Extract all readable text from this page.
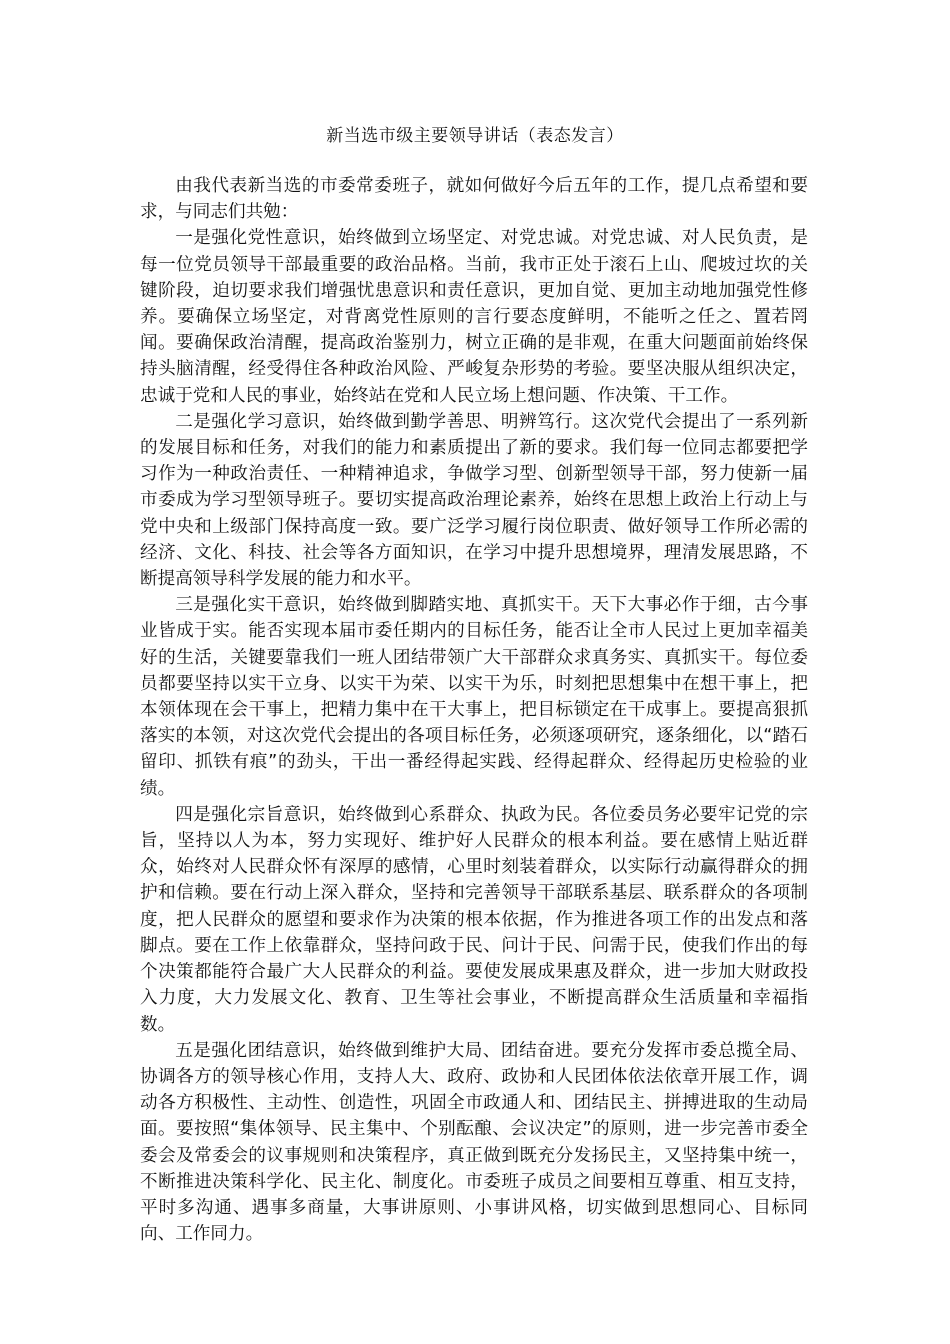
新当选市级主要领导讲话（表态发言）

由我代表新当选的市委常委班子，就如何做好今后五年的工作，提几点希望和要求，与同志们共勉：

一是强化党性意识，始终做到立场坚定、对党忠诚。对党忠诚、对人民负责，是每一位党员领导干部最重要的政治品格。当前，我市正处于滚石上山、爬坡过坎的关键阶段，迫切要求我们增强忧患意识和责任意识，更加自觉、更加主动地加强党性修养。要确保立场坚定，对背离党性原则的言行要态度鲜明，不能听之任之、置若罔闻。要确保政治清醒，提高政治鉴别力，树立正确的是非观，在重大问题面前始终保持头脑清醒，经受得住各种政治风险、严峻复杂形势的考验。要坚决服从组织决定，忠诚于党和人民的事业，始终站在党和人民立场上想问题、作决策、干工作。

二是强化学习意识，始终做到勤学善思、明辨笃行。这次党代会提出了一系列新的发展目标和任务，对我们的能力和素质提出了新的要求。我们每一位同志都要把学习作为一种政治责任、一种精神追求，争做学习型、创新型领导干部，努力使新一届市委成为学习型领导班子。要切实提高政治理论素养，始终在思想上政治上行动上与党中央和上级部门保持高度一致。要广泛学习履行岗位职责、做好领导工作所必需的经济、文化、科技、社会等各方面知识，在学习中提升思想境界，理清发展思路，不断提高领导科学发展的能力和水平。

三是强化实干意识，始终做到脚踏实地、真抓实干。天下大事必作于细，古今事业皆成于实。能否实现本届市委任期内的目标任务，能否让全市人民过上更加幸福美好的生活，关键要靠我们一班人团结带领广大干部群众求真务实、真抓实干。每位委员都要坚持以实干立身、以实干为荣、以实干为乐，时刻把思想集中在想干事上，把本领体现在会干事上，把精力集中在干大事上，把目标锁定在干成事上。要提高狠抓落实的本领，对这次党代会提出的各项目标任务，必须逐项研究，逐条细化，以“踏石留印、抓铁有痕”的劲头，干出一番经得起实践、经得起群众、经得起历史检验的业绩。

四是强化宗旨意识，始终做到心系群众、执政为民。各位委员务必要牢记党的宗旨，坚持以人为本，努力实现好、维护好人民群众的根本利益。要在感情上贴近群众，始终对人民群众怀有深厚的感情，心里时刻装着群众，以实际行动赢得群众的拥护和信赖。要在行动上深入群众，坚持和完善领导干部联系基层、联系群众的各项制度，把人民群众的愿望和要求作为决策的根本依据，作为推进各项工作的出发点和落脚点。要在工作上依靠群众，坚持问政于民、问计于民、问需于民，使我们作出的每个决策都能符合最广大人民群众的利益。要使发展成果惠及群众，进一步加大财政投入力度，大力发展文化、教育、卫生等社会事业，不断提高群众生活质量和幸福指数。

五是强化团结意识，始终做到维护大局、团结奋进。要充分发挥市委总揽全局、协调各方的领导核心作用，支持人大、政府、政协和人民团体依法依章开展工作，调动各方积极性、主动性、创造性，巩固全市政通人和、团结民主、拼搏进取的生动局面。要按照“集体领导、民主集中、个别酝酿、会议决定”的原则，进一步完善市委全委会及常委会的议事规则和决策程序，真正做到既充分发扬民主，又坚持集中统一，不断推进决策科学化、民主化、制度化。市委班子成员之间要相互尊重、相互支持，平时多沟通、遇事多商量，大事讲原则、小事讲风格，切实做到思想同心、目标同向、工作同力。
